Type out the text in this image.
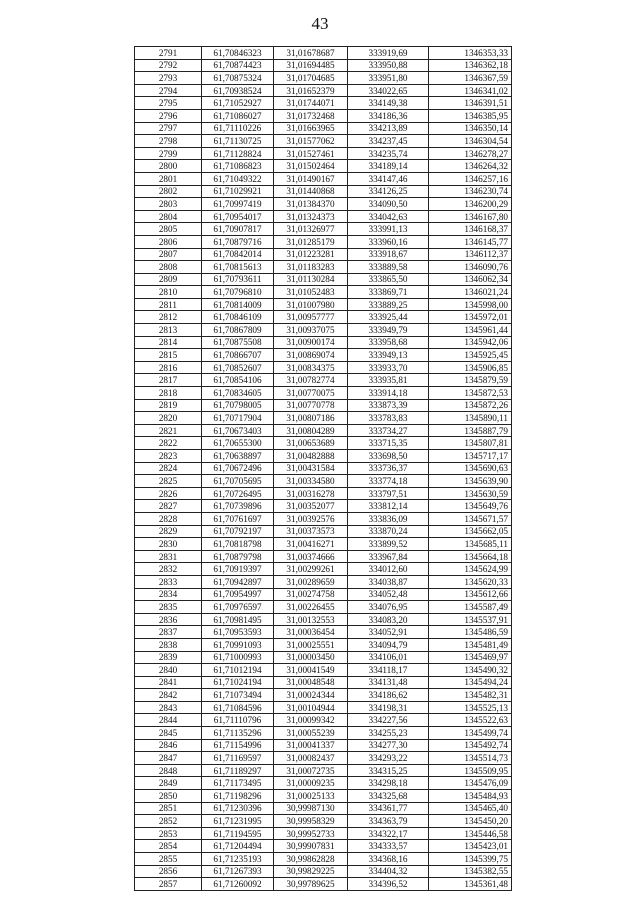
43
2791	61,70846323	31,01678687	333919,69	1346353,33
2792	61,70874423	31,01694485	333950,88	1346362,18
2793	61,70875324	31,01704685	333951,80	1346367,59
2794	61,70938524	31,01652379	334022,65	1346341,02
2795	61,71052927	31,01744071	334149,38	1346391,51
2796	61,71086027	31,01732468	334186,36	1346385,95
2797	61,71110226	31,01663965	334213,89	1346350,14
2798	61,71130725	31,01577062	334237,45	1346304,54
2799	61,71128824	31,01527461	334235,74	1346278,27
2800	61,71086823	31,01502464	334189,14	1346264,32
2801	61,71049322	31,01490167	334147,46	1346257,16
2802	61,71029921	31,01440868	334126,25	1346230,74
2803	61,70997419	31,01384370	334090,50	1346200,29
2804	61,70954017	31,01324373	334042,63	1346167,80
2805	61,70907817	31,01326977	333991,13	1346168,37
2806	61,70879716	31,01285179	333960,16	1346145,77
2807	61,70842014	31,01223281	333918,67	1346112,37
2808	61,70815613	31,01183283	333889,58	1346090,76
2809	61,70793611	31,01130284	333865,50	1346062,34
2810	61,70796810	31,01052483	333869,71	1346021,24
2811	61,70814009	31,01007980	333889,25	1345998,00
2812	61,70846109	31,00957777	333925,44	1345972,01
2813	61,70867809	31,00937075	333949,79	1345961,44
2814	61,70875508	31,00900174	333958,68	1345942,06
2815	61,70866707	31,00869074	333949,13	1345925,45
2816	61,70852607	31,00834375	333933,70	1345906,85
2817	61,70854106	31,00782774	333935,81	1345879,59
2818	61,70834605	31,00770075	333914,18	1345872,53
2819	61,70798005	31,00770778	333873,39	1345872,26
2820	61,70717904	31,00807186	333783,83	1345890,11
2821	61,70673403	31,00804289	333734,27	1345887,79
2822	61,70655300	31,00653689	333715,35	1345807,81
2823	61,70638897	31,00482888	333698,50	1345717,17
2824	61,70672496	31,00431584	333736,37	1345690,63
2825	61,70705695	31,00334580	333774,18	1345639,90
2826	61,70726495	31,00316278	333797,51	1345630,59
2827	61,70739896	31,00352077	333812,14	1345649,76
2828	61,70761697	31,00392576	333836,09	1345671,57
2829	61,70792197	31,00373573	333870,24	1345662,05
2830	61,70818798	31,00416271	333899,52	1345685,11
2831	61,70879798	31,00374666	333967,84	1345664,18
2832	61,70919397	31,00299261	334012,60	1345624,99
2833	61,70942897	31,00289659	334038,87	1345620,33
2834	61,70954997	31,00274758	334052,48	1345612,66
2835	61,70976597	31,00226455	334076,95	1345587,49
2836	61,70981495	31,00132553	334083,20	1345537,91
2837	61,70953593	31,00036454	334052,91	1345486,59
2838	61,70991093	31,00025551	334094,79	1345481,49
2839	61,71000993	31,00003450	334106,01	1345469,97
2840	61,71012194	31,00041549	334118,17	1345490,32
2841	61,71024194	31,00048548	334131,48	1345494,24
2842	61,71073494	31,00024344	334186,62	1345482,31
2843	61,71084596	31,00104944	334198,31	1345525,13
2844	61,71110796	31,00099342	334227,56	1345522,63
2845	61,71135296	31,00055239	334255,23	1345499,74
2846	61,71154996	31,00041337	334277,30	1345492,74
2847	61,71169597	31,00082437	334293,22	1345514,73
2848	61,71189297	31,00072735	334315,25	1345509,95
2849	61,71173495	31,00009235	334298,18	1345476,09
2850	61,71198296	31,00025133	334325,68	1345484,93
2851	61,71230396	30,99987130	334361,77	1345465,40
2852	61,71231995	30,99958329	334363,79	1345450,20
2853	61,71194595	30,99952733	334322,17	1345446,58
2854	61,71204494	30,99907831	334333,57	1345423,01
2855	61,71235193	30,99862828	334368,16	1345399,75
2856	61,71267393	30,99829225	334404,32	1345382,55
2857	61,71260092	30,99789625	334396,52	1345361,48
